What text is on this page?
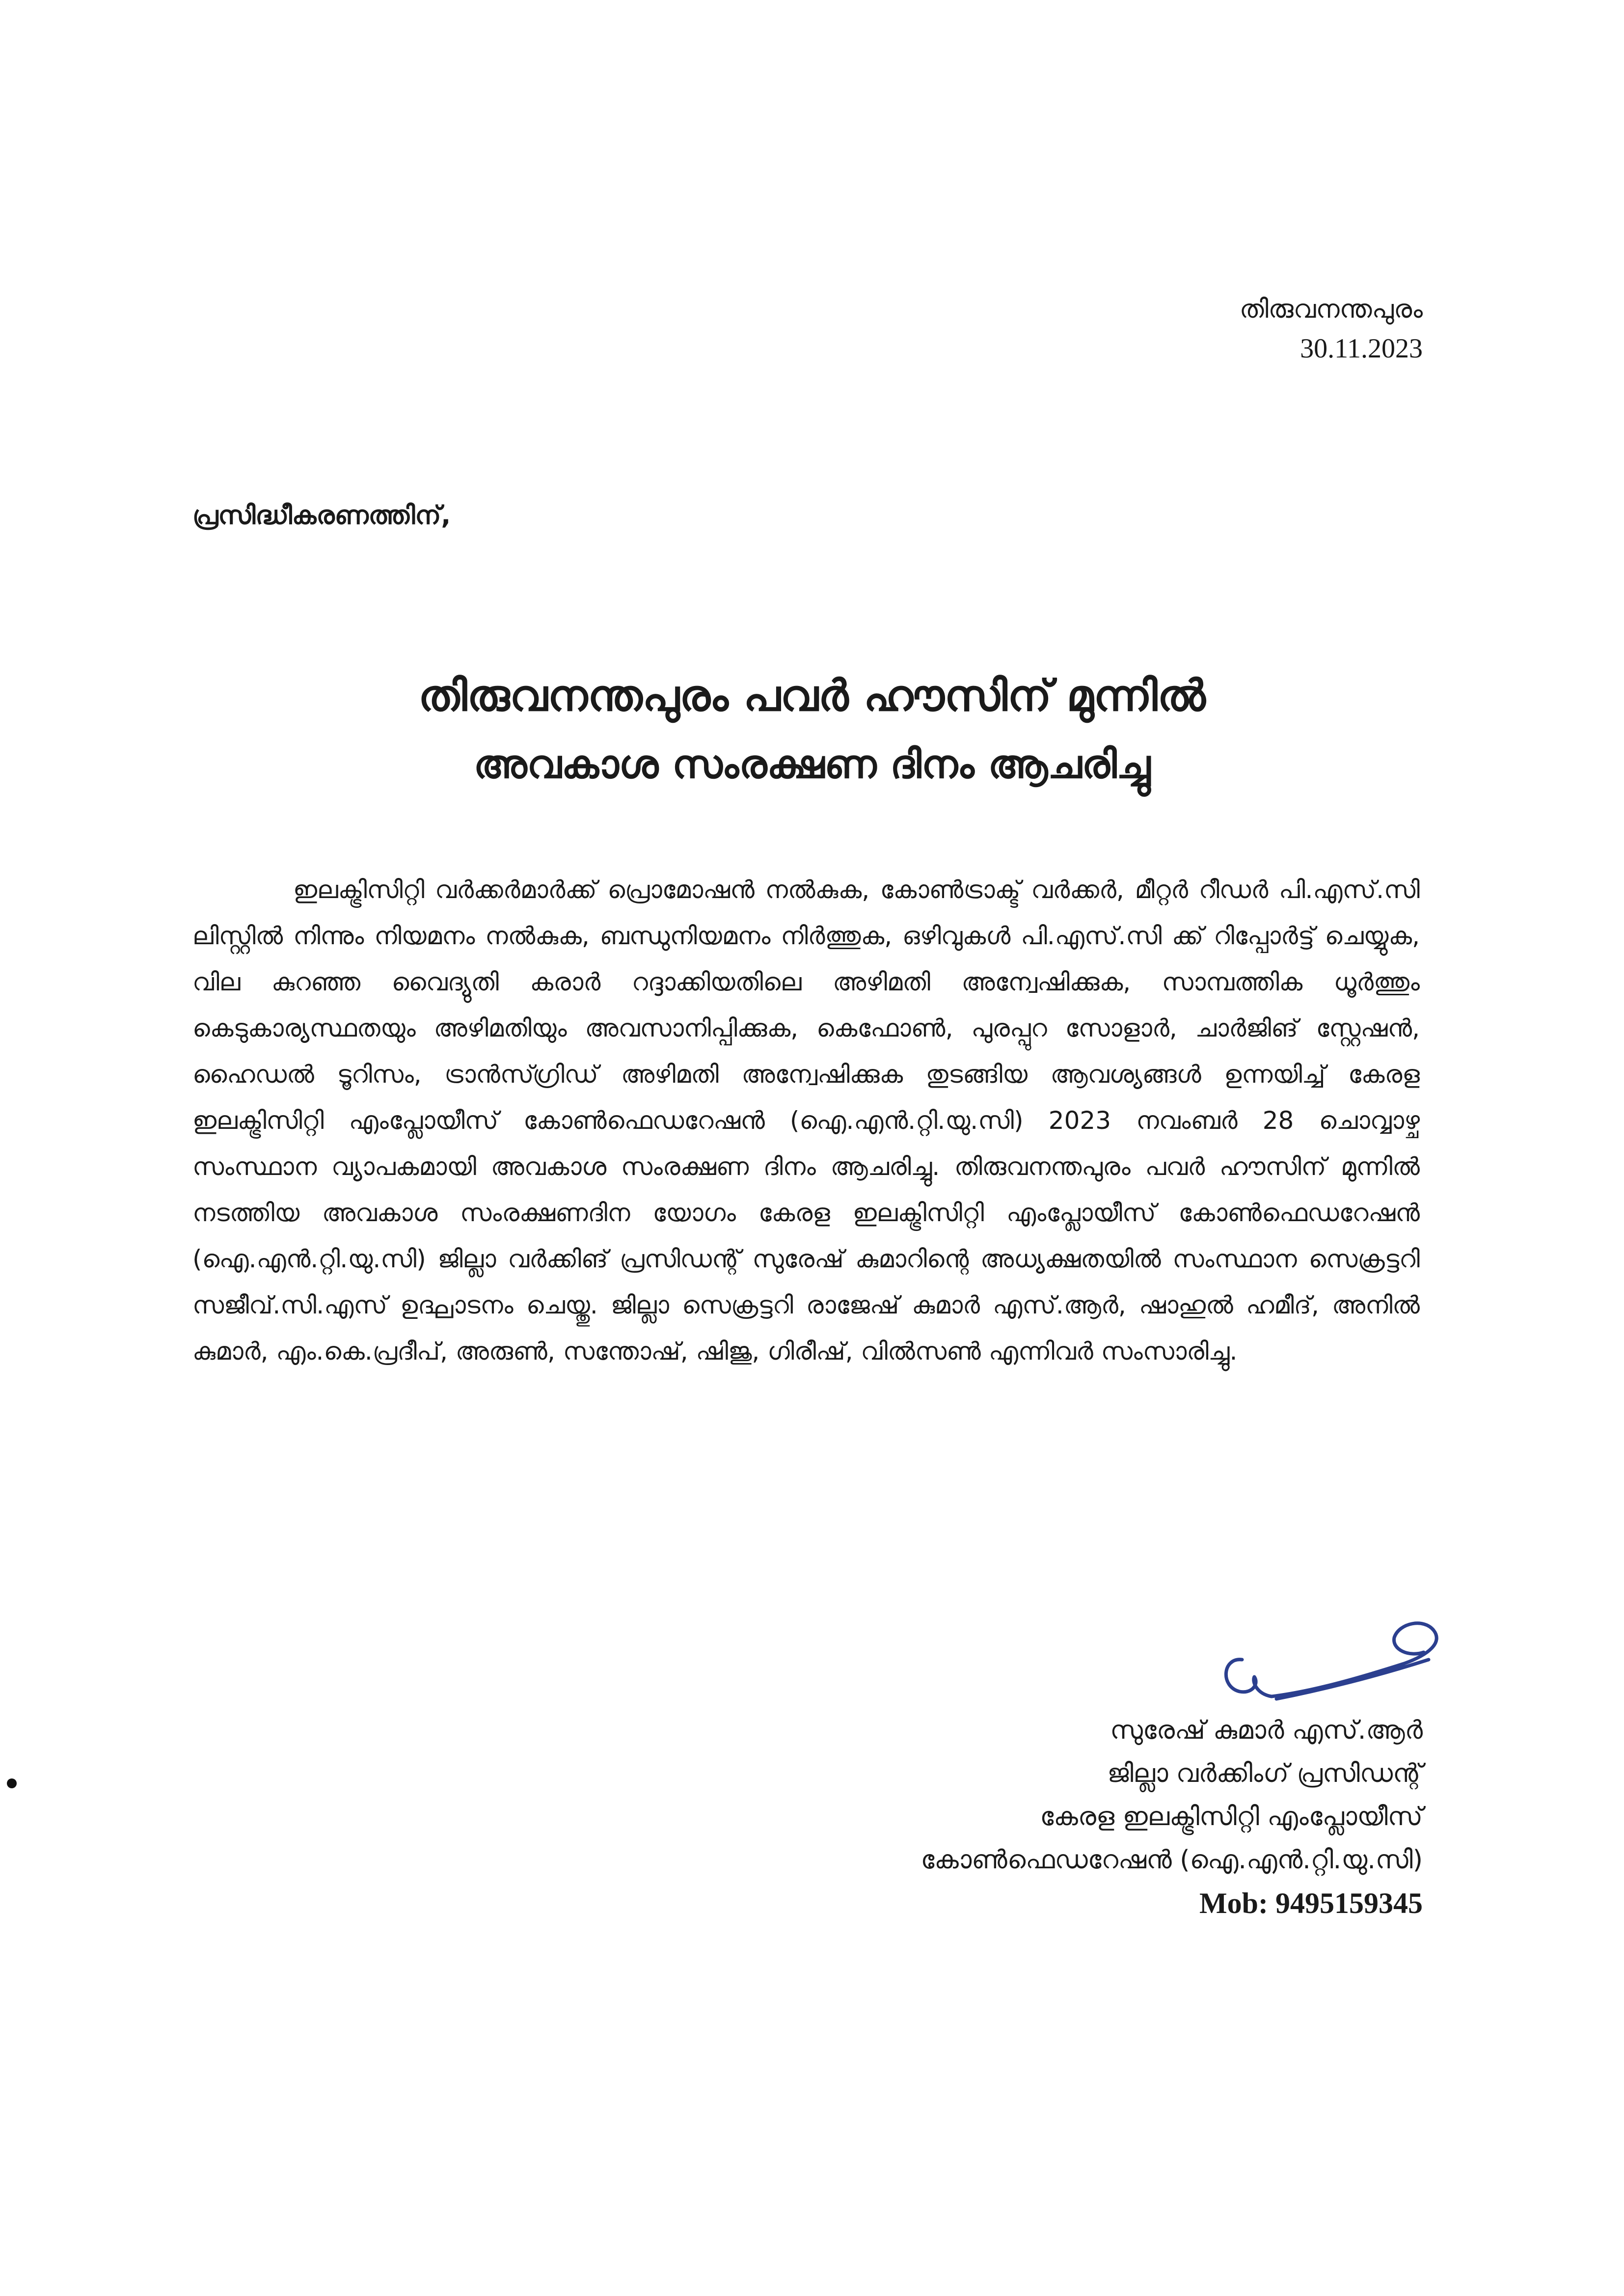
തിരുവനന്തപുരം
30.11.2023
പ്രസിദ്ധീകരണത്തിന്,
തിരുവനന്തപുരം പവർ ഹൗസിന് മുന്നിൽ
അവകാശ സംരക്ഷണ ദിനം ആചരിച്ചു

ഇലക്ട്രിസിറ്റി വർക്കർമാർക്ക് പ്രൊമോഷൻ നൽകുക, കോൺട്രാക്ട് വർക്കർ, മീറ്റർ റീഡർ പി.എസ്.സി ലിസ്റ്റിൽ നിന്നും നിയമനം നൽകുക, ബന്ധുനിയമനം നിർത്തുക, ഒഴിവുകൾ പി.എസ്.സി ക്ക് റിപ്പോർട്ട് ചെയ്യുക, വില കുറഞ്ഞ വൈദ്യുതി കരാർ റദ്ദാക്കിയതിലെ അഴിമതി അന്വേഷിക്കുക, സാമ്പത്തിക ധൂർത്തും കെടുകാര്യസ്ഥതയും അഴിമതിയും അവസാനിപ്പിക്കുക, കെഫോൺ, പുരപ്പുറ സോളാർ, ചാർജിങ് സ്റ്റേഷൻ, ഹൈഡൽ ടൂറിസം, ട്രാൻസ്ഗ്രിഡ് അഴിമതി അന്വേഷിക്കുക തുടങ്ങിയ ആവശ്യങ്ങൾ ഉന്നയിച്ച് കേരള ഇലക്ട്രിസിറ്റി എംപ്ലോയീസ് കോൺഫെഡറേഷൻ (ഐ.എൻ.റ്റി.യു.സി) 2023 നവംബർ 28 ചൊവ്വാഴ്ച സംസ്ഥാന വ്യാപകമായി അവകാശ സംരക്ഷണ ദിനം ആചരിച്ചു. തിരുവനന്തപുരം പവർ ഹൗസിന് മുന്നിൽ നടത്തിയ അവകാശ സംരക്ഷണദിന യോഗം കേരള ഇലക്ട്രിസിറ്റി എംപ്ലോയീസ് കോൺഫെഡറേഷൻ (ഐ.എൻ.റ്റി.യു.സി) ജില്ലാ വർക്കിങ് പ്രസിഡന്റ് സുരേഷ് കുമാറിന്റെ അധ്യക്ഷതയിൽ സംസ്ഥാന സെക്രട്ടറി സജീവ്.സി.എസ് ഉദ്ഘാടനം ചെയ്തു. ജില്ലാ സെക്രട്ടറി രാജേഷ് കുമാർ എസ്.ആർ, ഷാഹുൽ ഹമീദ്, അനിൽ കുമാർ, എം.കെ.പ്രദീപ്, അരുൺ, സന്തോഷ്, ഷിജു, ഗിരീഷ്, വിൽസൺ എന്നിവർ സംസാരിച്ചു.

സുരേഷ് കുമാർ എസ്.ആർ
ജില്ലാ വർക്കിംഗ് പ്രസിഡന്റ്
കേരള ഇലക്ട്രിസിറ്റി എംപ്ലോയീസ്
കോൺഫെഡറേഷൻ (ഐ.എൻ.റ്റി.യു.സി)
Mob: 9495159345
